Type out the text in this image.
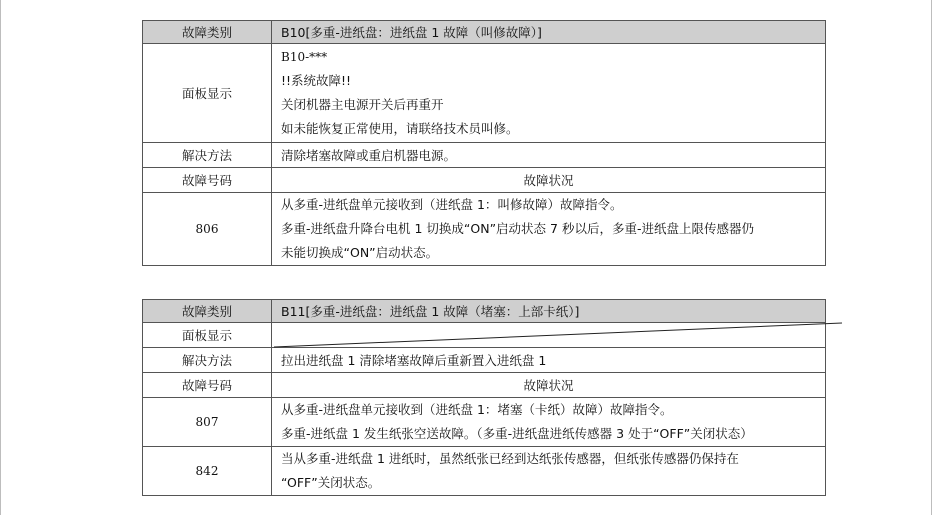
故障类别	B10[多重-进纸盘：进纸盘 1 故障（叫修故障）]
面板显示	B10-***
!!系统故障!!
关闭机器主电源开关后再重开
如未能恢复正常使用，请联络技术员叫修。

解决方法	清除堵塞故障或重启机器电源。
故障号码	故障状况
806	从多重-进纸盘单元接收到（进纸盘 1：叫修故障）故障指令。
多重-进纸盘升降台电机 1 切换成“ON”启动状态 7 秒以后，多重-进纸盘上限传感器仍
未能切换成“ON”启动状态。
故障类别	B11[多重-进纸盘：进纸盘 1 故障（堵塞：上部卡纸）]
面板显示	

解决方法	拉出进纸盘 1 清除堵塞故障后重新置入进纸盘 1
故障号码	故障状况
807	从多重-进纸盘单元接收到（进纸盘 1：堵塞（卡纸）故障）故障指令。
多重-进纸盘 1 发生纸张空送故障。（多重-进纸盘进纸传感器 3 处于“OFF”关闭状态）

842	当从多重-进纸盘 1 进纸时，虽然纸张已经到达纸张传感器，但纸张传感器仍保持在
“OFF”关闭状态。
